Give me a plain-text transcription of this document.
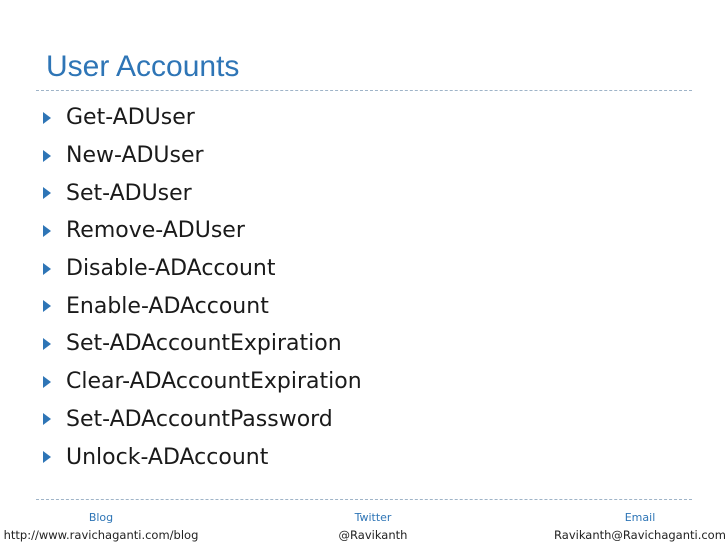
User Accounts
Get-ADUser
New-ADUser
Set-ADUser
Remove-ADUser
Disable-ADAccount
Enable-ADAccount
Set-ADAccountExpiration
Clear-ADAccountExpiration
Set-ADAccountPassword
Unlock-ADAccount
Blog
http://www.ravichaganti.com/blog
Twitter
@Ravikanth
Email
Ravikanth@Ravichaganti.com
